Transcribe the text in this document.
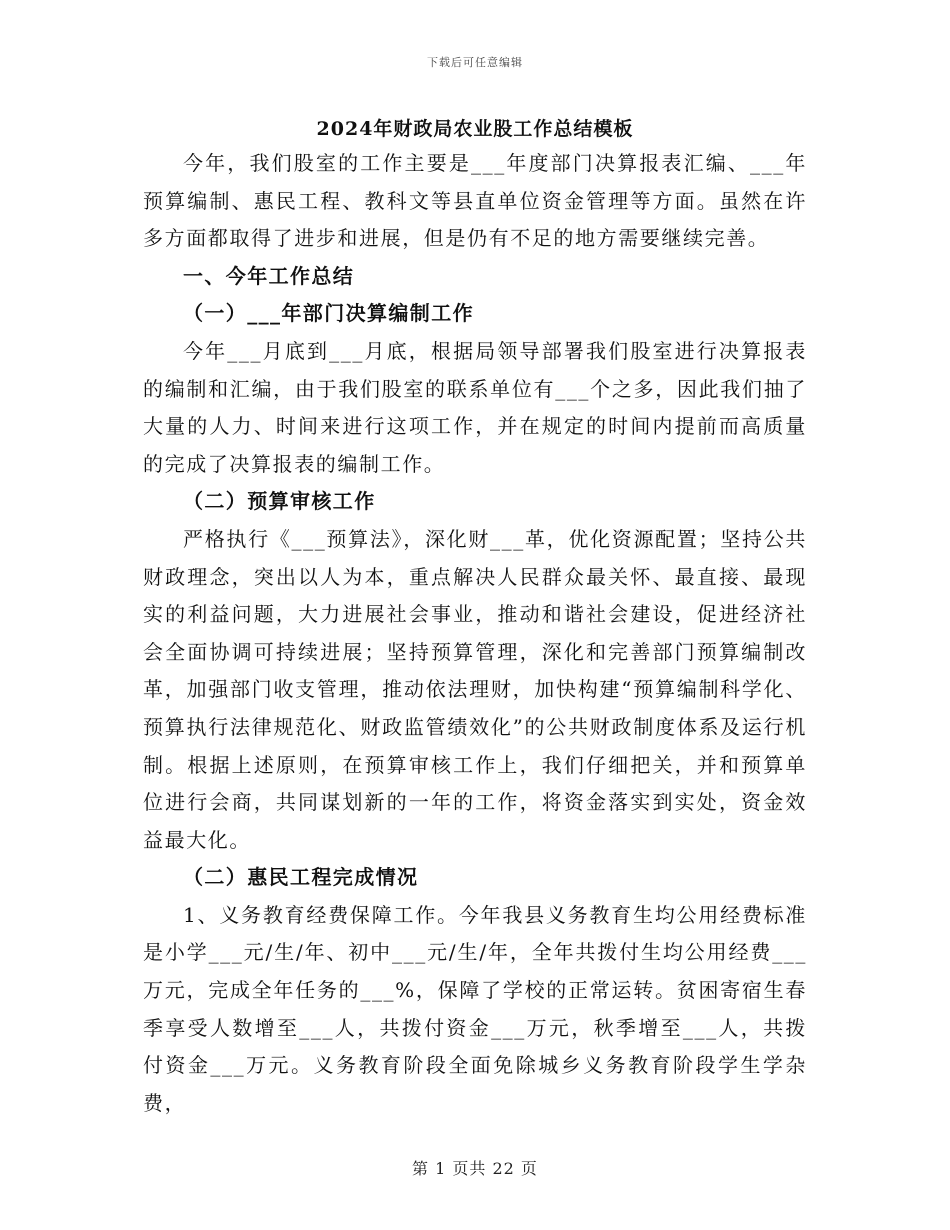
下载后可任意编辑
2024年财政局农业股工作总结模板

今年，我们股室的工作主要是___年度部门决算报表汇编、___年预算编制、惠民工程、教科文等县直单位资金管理等方面。虽然在许多方面都取得了进步和进展，但是仍有不足的地方需要继续完善。

一、今年工作总结
（一）___年部门决算编制工作

今年___月底到___月底，根据局领导部署我们股室进行决算报表的编制和汇编，由于我们股室的联系单位有___个之多，因此我们抽了大量的人力、时间来进行这项工作，并在规定的时间内提前而高质量的完成了决算报表的编制工作。

（二）预算审核工作

严格执行《___预算法》，深化财___革，优化资源配置；坚持公共财政理念，突出以人为本，重点解决人民群众最关怀、最直接、最现实的利益问题，大力进展社会事业，推动和谐社会建设，促进经济社会全面协调可持续进展；坚持预算管理，深化和完善部门预算编制改革，加强部门收支管理，推动依法理财，加快构建“预算编制科学化、预算执行法律规范化、财政监管绩效化”的公共财政制度体系及运行机制。根据上述原则，在预算审核工作上，我们仔细把关，并和预算单位进行会商，共同谋划新的一年的工作，将资金落实到实处，资金效益最大化。

（二）惠民工程完成情况

1、义务教育经费保障工作。今年我县义务教育生均公用经费标准是小学___元/生/年、初中___元/生/年，全年共拨付生均公用经费___万元，完成全年任务的___%，保障了学校的正常运转。贫困寄宿生春季享受人数增至___人，共拨付资金___万元，秋季增至___人，共拨付资金___万元。义务教育阶段全面免除城乡义务教育阶段学生学杂费，

第 1 页共 22 页
